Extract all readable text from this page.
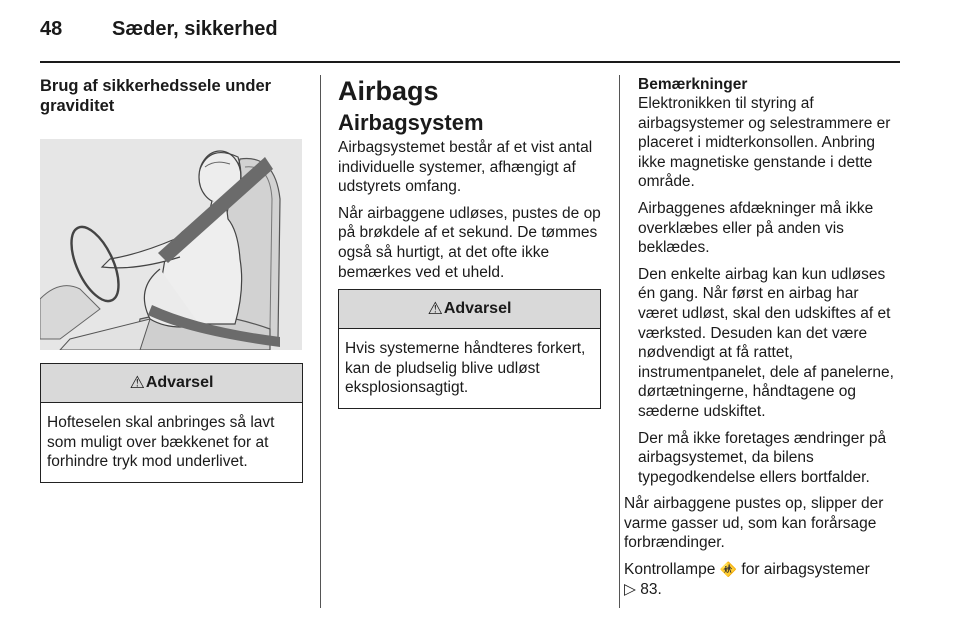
48 Sæder, sikkerhed
Brug af sikkerhedssele under graviditet
⚠ Advarsel
Hofteselen skal anbringes så lavt som muligt over bækkenet for at forhindre tryk mod underlivet.
Airbags
Airbagsystem

Airbagsystemet består af et vist antal individuelle systemer, afhængigt af udstyrets omfang.

Når airbaggene udløses, pustes de op på brøkdele af et sekund. De tømmes også så hurtigt, at det ofte ikke bemærkes ved et uheld.

⚠ Advarsel
Hvis systemerne håndteres forkert, kan de pludselig blive udløst eksplosionsagtigt.
Bemærkninger

Elektronikken til styring af airbagsystemer og selestrammere er placeret i midterkonsollen. Anbring ikke magnetiske genstande i dette område.

Airbaggenes afdækninger må ikke overklæbes eller på anden vis beklædes.

Den enkelte airbag kan kun udløses én gang. Når først en airbag har været udløst, skal den udskiftes af et værksted. Desuden kan det være nødvendigt at få rattet, instrumentpanelet, dele af panelerne, dørtætningerne, håndtagene og sæderne udskiftet.

Der må ikke foretages ændringer på airbagsystemet, da bilens typegodkendelse ellers bortfalder.

Når airbaggene pustes op, slipper der varme gasser ud, som kan forårsage forbrændinger.

Kontrollampe 🚸 for airbagsystemer
▷ 83.
